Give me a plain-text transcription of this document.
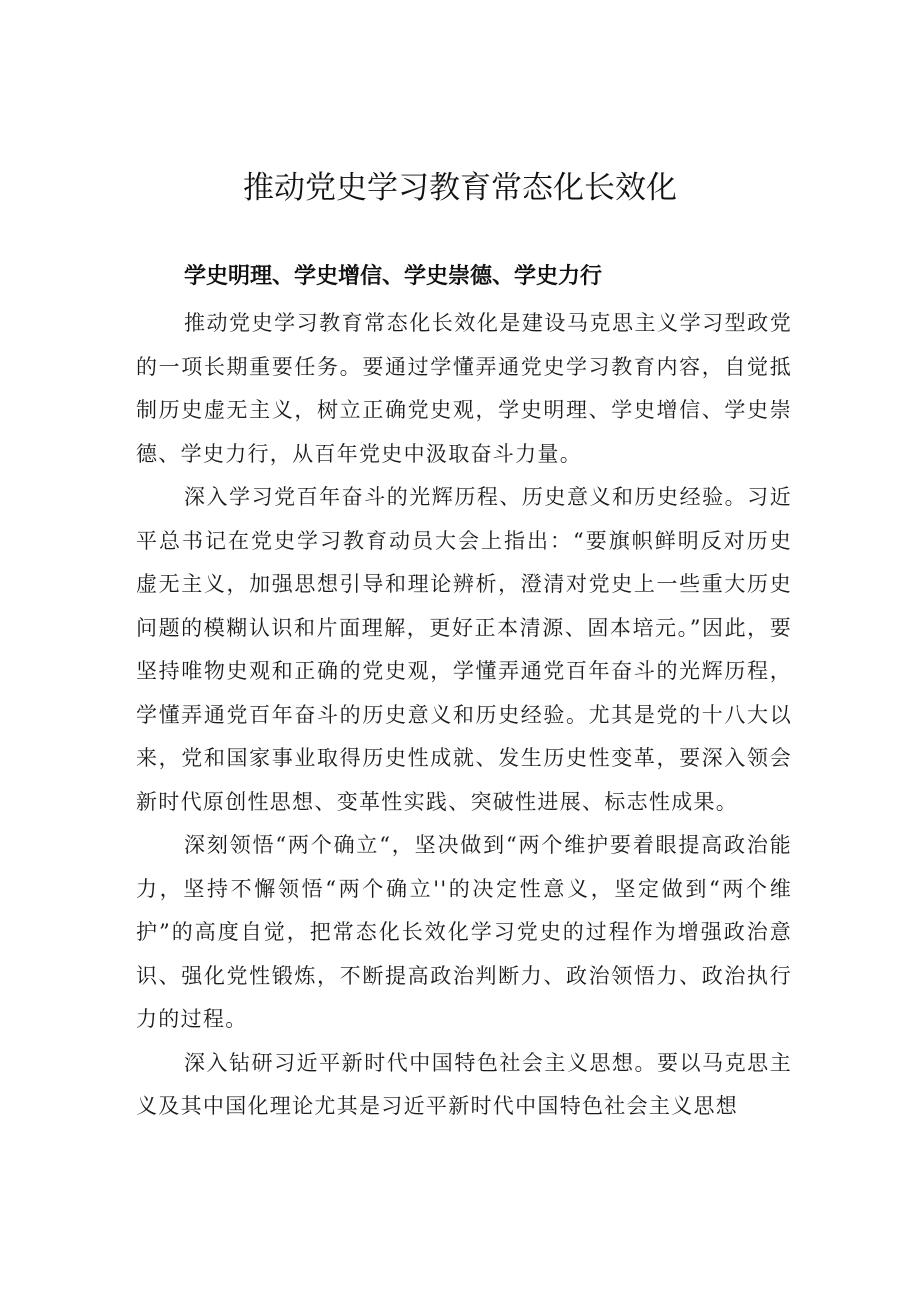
推动党史学习教育常态化长效化

学史明理、学史增信、学史崇德、学史力行

推动党史学习教育常态化长效化是建设马克思主义学习型政党的一项长期重要任务。要通过学懂弄通党史学习教育内容，自觉抵制历史虚无主义，树立正确党史观，学史明理、学史增信、学史崇德、学史力行，从百年党史中汲取奋斗力量。

深入学习党百年奋斗的光辉历程、历史意义和历史经验。习近平总书记在党史学习教育动员大会上指出：“要旗帜鲜明反对历史虚无主义，加强思想引导和理论辨析，澄清对党史上一些重大历史问题的模糊认识和片面理解，更好正本清源、固本培元。”因此，要坚持唯物史观和正确的党史观，学懂弄通党百年奋斗的光辉历程，学懂弄通党百年奋斗的历史意义和历史经验。尤其是党的十八大以来，党和国家事业取得历史性成就、发生历史性变革，要深入领会新时代原创性思想、变革性实践、突破性进展、标志性成果。

深刻领悟“两个确立“，坚决做到“两个维护要着眼提高政治能力，坚持不懈领悟“两个确立''的决定性意义，坚定做到“两个维护”的高度自觉，把常态化长效化学习党史的过程作为增强政治意识、强化党性锻炼，不断提高政治判断力、政治领悟力、政治执行力的过程。

深入钻研习近平新时代中国特色社会主义思想。要以马克思主义及其中国化理论尤其是习近平新时代中国特色社会主义思想
